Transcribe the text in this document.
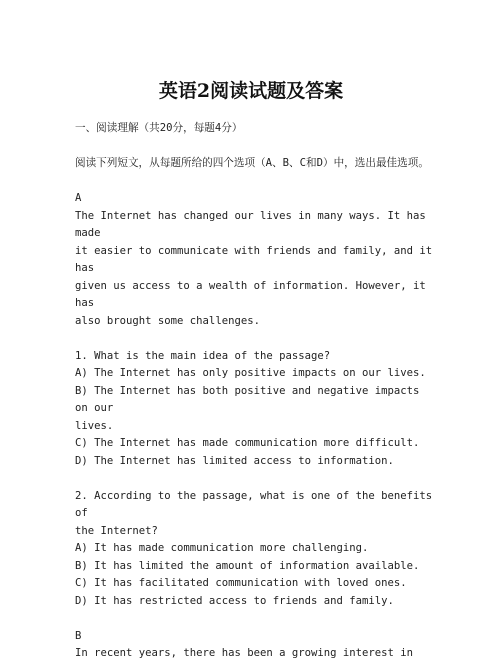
英语2阅读试题及答案

一、阅读理解（共20分，每题4分）

阅读下列短文，从每题所给的四个选项（A、B、C和D）中，选出最佳选项。

A

The Internet has changed our lives in many ways. It has made

it easier to communicate with friends and family, and it has

given us access to a wealth of information. However, it has

also brought some challenges.

1. What is the main idea of the passage?

A) The Internet has only positive impacts on our lives.

B) The Internet has both positive and negative impacts on our

lives.

C) The Internet has made communication more difficult.

D) The Internet has limited access to information.

2. According to the passage, what is one of the benefits of

the Internet?

A) It has made communication more challenging.

B) It has limited the amount of information available.

C) It has facilitated communication with loved ones.

D) It has restricted access to friends and family.

B

In recent years, there has been a growing interest in
